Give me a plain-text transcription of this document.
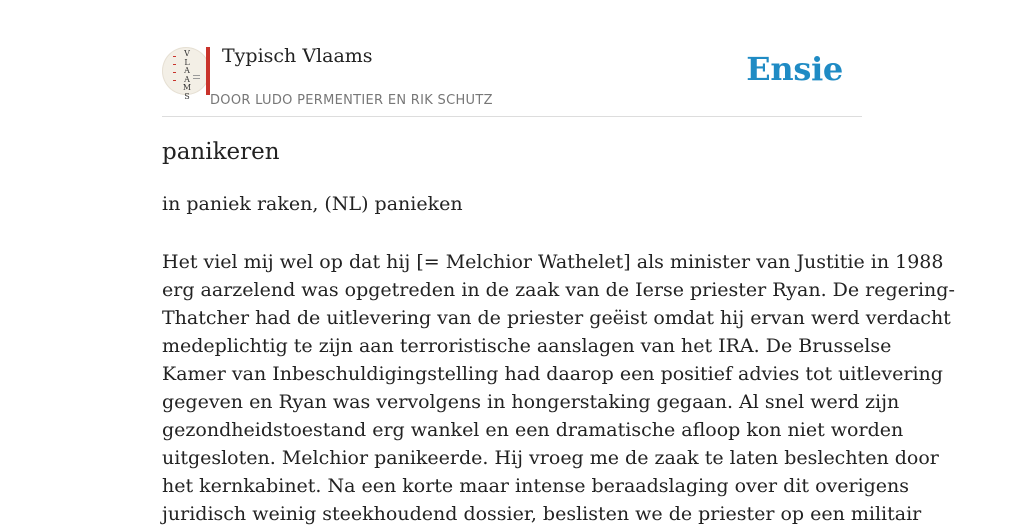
V
L
A
A
M
S
Typisch Vlaams
DOOR LUDO PERMENTIER EN RIK SCHUTZ
Ensie
panikeren
in paniek raken, (NL) panieken
Het viel mij wel op dat hij [= Melchior Wathelet] als minister van Justitie in 1988
erg aarzelend was opgetreden in de zaak van de Ierse priester Ryan. De regering-
Thatcher had de uitlevering van de priester geëist omdat hij ervan werd verdacht
medeplichtig te zijn aan terroristische aanslagen van het IRA. De Brusselse
Kamer van Inbeschuldigingstelling had daarop een positief advies tot uitlevering
gegeven en Ryan was vervolgens in hongerstaking gegaan. Al snel werd zijn
gezondheidstoestand erg wankel en een dramatische afloop kon niet worden
uitgesloten. Melchior panikeerde. Hij vroeg me de zaak te laten beslechten door
het kernkabinet. Na een korte maar intense beraadslaging over dit overigens
juridisch weinig steekhoudend dossier, beslisten we de priester op een militair
